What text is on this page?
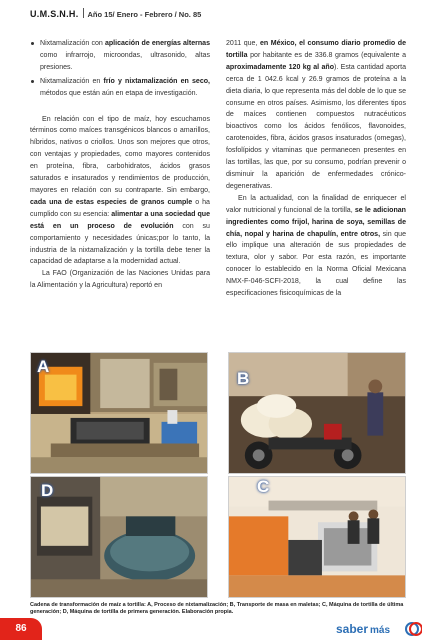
U.M.S.N.H. Año 15/ Enero - Febrero / No. 85
Nixtamalización con aplicación de energías alternas como infrarrojo, microondas, ultrasonido, altas presiones.
Nixtamalización en frío y nixtamalización en seco, métodos que están aún en etapa de investigación.

En relación con el tipo de maíz, hoy escuchamos términos como maíces transgénicos blancos o amarillos, híbridos, nativos o criollos. Unos son mejores que otros, con ventajas y propiedades, como mayores contenidos en proteína, fibra, carbohidratos, ácidos grasos saturados e insaturados y rendimientos de producción, mayores en relación con su contraparte. Sin embargo, cada una de estas especies de granos cumple o ha cumplido con su esencia: alimentar a una sociedad que está en un proceso de evolución con su comportamiento y necesidades únicas;por lo tanto, la industria de la nixtamalización y la tortilla debe tener la capacidad de adaptarse a la modernidad actual.

La FAO (Organización de las Naciones Unidas para la Alimentación y la Agricultura) reportó en

2011 que, en México, el consumo diario promedio de tortilla por habitante es de 336.8 gramos (equivalente a aproximadamente 120 kg al año). Esta cantidad aporta cerca de 1 042.6 kcal y 26.9 gramos de proteína a la dieta diaria, lo que representa más del doble de lo que se consume en otros países. Asimismo, los diferentes tipos de maíces contienen compuestos nutracéuticos bioactivos como los ácidos fenólicos, flavonoides, carotenoides, fibra, ácidos grasos insaturados (omegas), fosfolípidos y vitaminas que permanecen presentes en las tortillas, las que, por su consumo, podrían prevenir o disminuir la aparición de enfermedades crónico-degenerativas.

En la actualidad, con la finalidad de enriquecer el valor nutricional y funcional de la tortilla, se le adicionan ingredientes como frijol, harina de soya, semillas de chía, nopal y harina de chapulín, entre otros, sin que ello implique una alteración de sus propiedades de textura, olor y sabor. Por esta razón, es importante conocer lo establecido en la Norma Oficial Mexicana NMX-F-046-SCFI-2018, la cual define las especificaciones fisicoquímicas de la

A
B
D	C

Cadena de transformación de maíz a tortilla: A, Proceso de nixtamalización; B, Transporte de masa en maletas; C, Máquina de tortilla de última generación; D, Máquina de tortilla de primera generación. Elaboración propia.

86	saber más
